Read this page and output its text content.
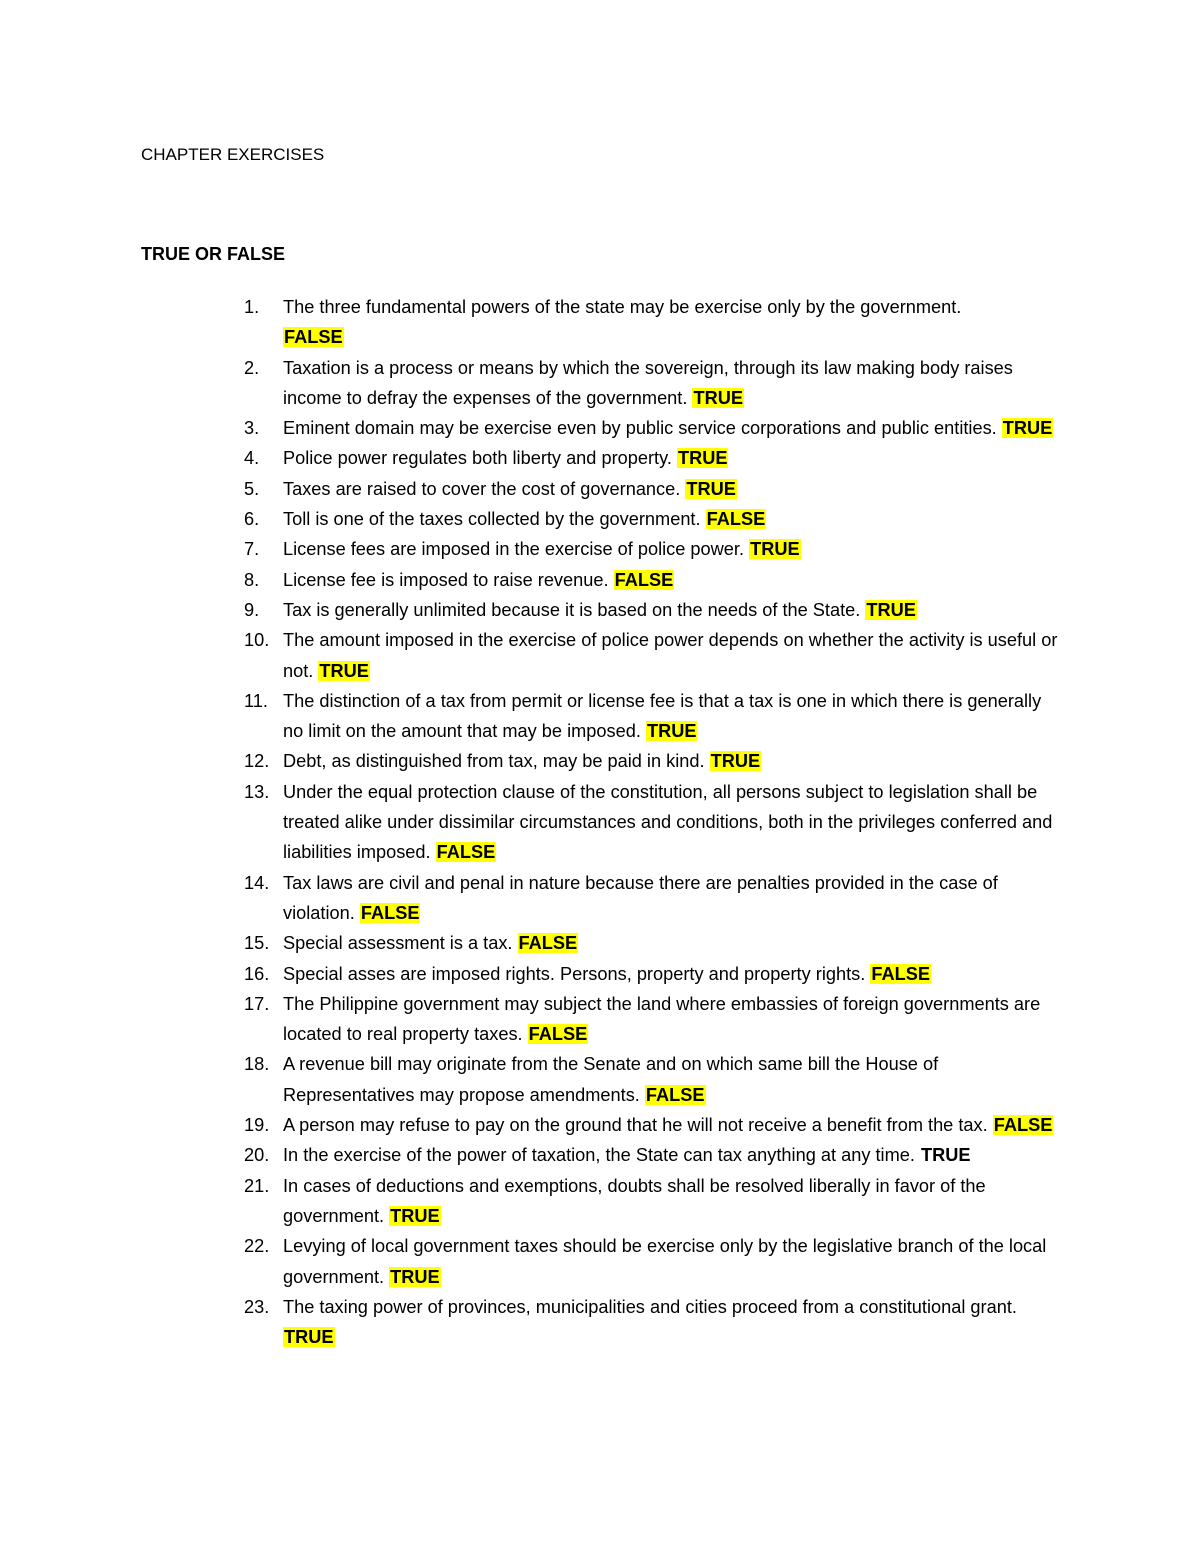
CHAPTER EXERCISES
TRUE OR FALSE
1.	The three fundamental powers of the state may be exercise only by the government.
FALSE
2.	Taxation is a process or means by which the sovereign, through its law making body raises income to defray the expenses of the government. TRUE
3.	Eminent domain may be exercise even by public service corporations and public entities. TRUE
4.	Police power regulates both liberty and property. TRUE
5.	Taxes are raised to cover the cost of governance. TRUE
6.	Toll is one of the taxes collected by the government. FALSE
7.	License fees are imposed in the exercise of police power. TRUE
8.	License fee is imposed to raise revenue. FALSE
9.	Tax is generally unlimited because it is based on the needs of the State. TRUE
10. The amount imposed in the exercise of police power depends on whether the activity is useful or not. TRUE
11. The distinction of a tax from permit or license fee is that a tax is one in which there is generally no limit on the amount that may be imposed. TRUE
12. Debt, as distinguished from tax, may be paid in kind. TRUE
13. Under the equal protection clause of the constitution, all persons subject to legislation shall be treated alike under dissimilar circumstances and conditions, both in the privileges conferred and liabilities imposed. FALSE
14. Tax laws are civil and penal in nature because there are penalties provided in the case of violation. FALSE
15. Special assessment is a tax. FALSE
16. Special asses are imposed rights. Persons, property and property rights. FALSE
17. The Philippine government may subject the land where embassies of foreign governments are located to real property taxes. FALSE
18. A revenue bill may originate from the Senate and on which same bill the House of Representatives may propose amendments. FALSE
19. A person may refuse to pay on the ground that he will not receive a benefit from the tax. FALSE
20. In the exercise of the power of taxation, the State can tax anything at any time. TRUE
21. In cases of deductions and exemptions, doubts shall be resolved liberally in favor of the government. TRUE
22. Levying of local government taxes should be exercise only by the legislative branch of the local government. TRUE
23. The taxing power of provinces, municipalities and cities proceed from a constitutional grant. TRUE
